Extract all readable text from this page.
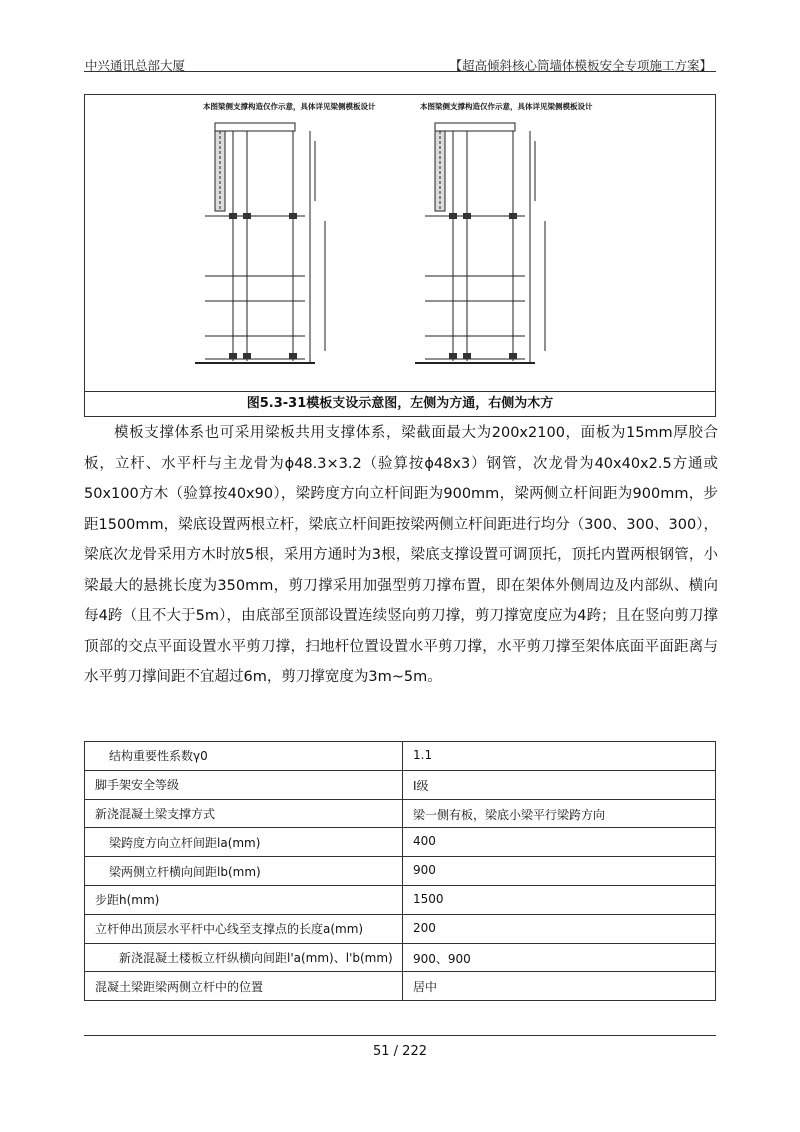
中兴通讯总部大厦	【超高倾斜核心筒墙体模板安全专项施工方案】
本图梁侧支撑构造仅作示意，具体详见梁侧模板设计	本图梁侧支撑构造仅作示意，具体详见梁侧模板设计
图5.3-31模板支设示意图，左侧为方通，右侧为木方

模板支撑体系也可采用梁板共用支撑体系，梁截面最大为200x2100，面板为15mm厚胶合板，立杆、水平杆与主龙骨为ϕ48.3×3.2（验算按ϕ48x3）钢管，次龙骨为40x40x2.5方通或50x100方木（验算按40x90），梁跨度方向立杆间距为900mm，梁两侧立杆间距为900mm，步距1500mm，梁底设置两根立杆，梁底立杆间距按梁两侧立杆间距进行均分（300、300、300），梁底次龙骨采用方木时放5根，采用方通时为3根，梁底支撑设置可调顶托，顶托内置两根钢管，小梁最大的悬挑长度为350mm，剪刀撑采用加强型剪刀撑布置，即在架体外侧周边及内部纵、横向每4跨（且不大于5m），由底部至顶部设置连续竖向剪刀撑，剪刀撑宽度应为4跨；且在竖向剪刀撑顶部的交点平面设置水平剪刀撑，扫地杆位置设置水平剪刀撑，水平剪刀撑至架体底面平面距离与水平剪刀撑间距不宜超过6m，剪刀撑宽度为3m~5m。

结构重要性系数γ0	1.1
脚手架安全等级	Ⅰ级
新浇混凝土梁支撑方式	梁一侧有板，梁底小梁平行梁跨方向
梁跨度方向立杆间距la(mm)	400
梁两侧立杆横向间距lb(mm)	900
步距h(mm)	1500
立杆伸出顶层水平杆中心线至支撑点的长度a(mm)	200
新浇混凝土楼板立杆纵横向间距l'a(mm)、l'b(mm)	900、900
混凝土梁距梁两侧立杆中的位置	居中
51 / 222
